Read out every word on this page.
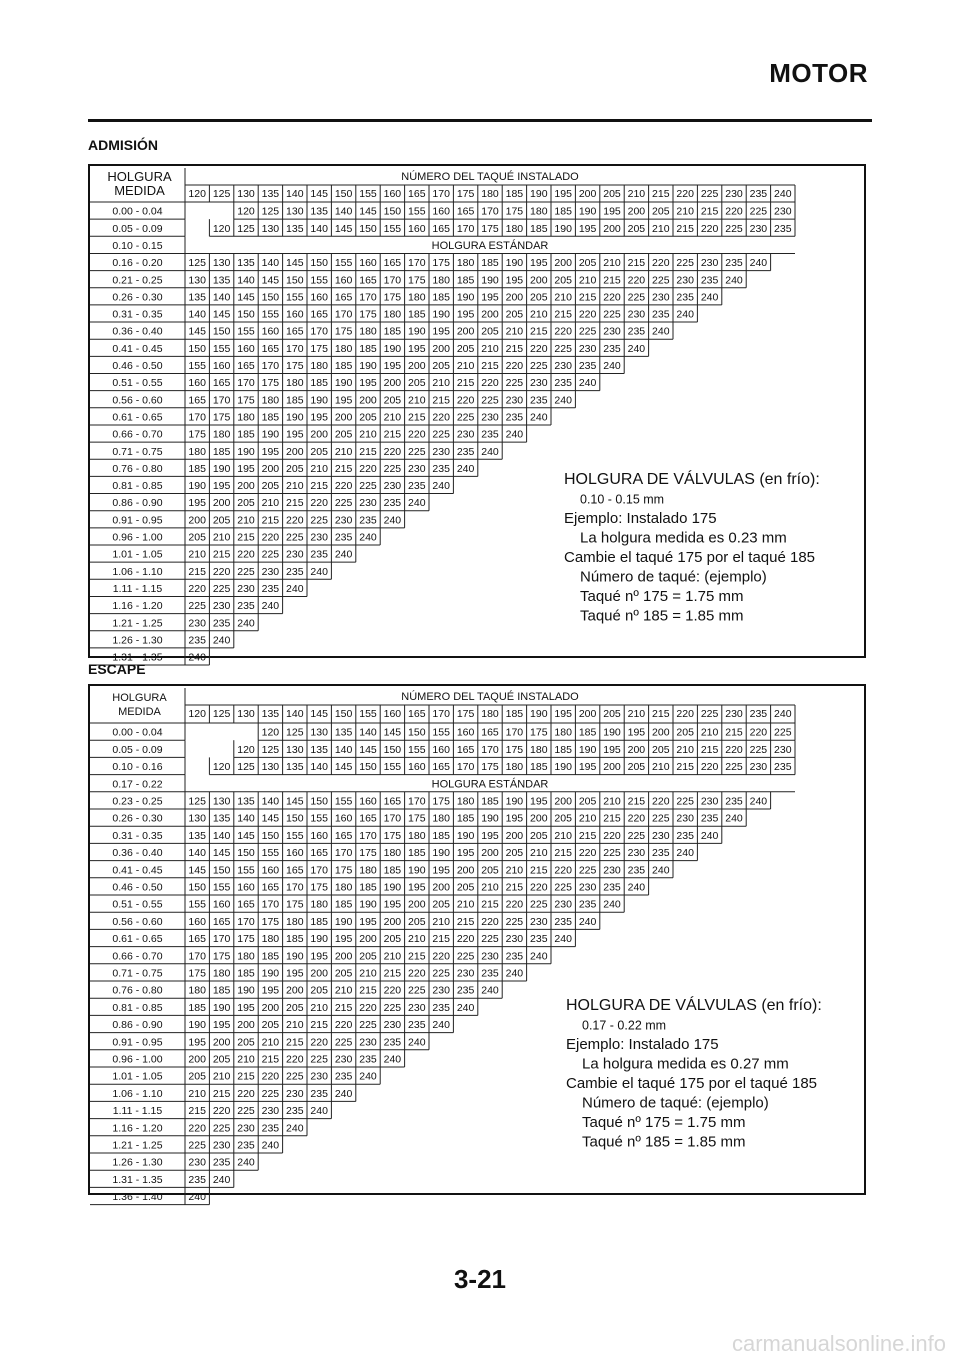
MOTOR
ADMISIÓN
HOLGURA
MEDIDA
NÚMERO DEL TAQUÉ INSTALADO
120 125 130 135 140 145 150 155 160 165 170 175 180 185 190 195 200 205 210 215 220 225 230 235 240
0.00 - 0.04	120 125 130 135 140 145 150 155 160 165 170 175 180 185 190 195 200 205 210 215 220 225 230
0.05 - 0.09	120 125 130 135 140 145 150 155 160 165 170 175 180 185 190 195 200 205 210 215 220 225 230 235
0.10 - 0.15	HOLGURA ESTÁNDAR
0.16 - 0.20 125 130 135 140 145 150 155 160 165 170 175 180 185 190 195 200 205 210 215 220 225 230 235 240
0.21 - 0.25 130 135 140 145 150 155 160 165 170 175 180 185 190 195 200 205 210 215 220 225 230 235 240
0.26 - 0.30 135 140 145 150 155 160 165 170 175 180 185 190 195 200 205 210 215 220 225 230 235 240
0.31 - 0.35 140 145 150 155 160 165 170 175 180 185 190 195 200 205 210 215 220 225 230 235 240
0.36 - 0.40 145 150 155 160 165 170 175 180 185 190 195 200 205 210 215 220 225 230 235 240
0.41 - 0.45 150 155 160 165 170 175 180 185 190 195 200 205 210 215 220 225 230 235 240
0.46 - 0.50 155 160 165 170 175 180 185 190 195 200 205 210 215 220 225 230 235 240
0.51 - 0.55 160 165 170 175 180 185 190 195 200 205 210 215 220 225 230 235 240
0.56 - 0.60 165 170 175 180 185 190 195 200 205 210 215 220 225 230 235 240
0.61 - 0.65 170 175 180 185 190 195 200 205 210 215 220 225 230 235 240
0.66 - 0.70 175 180 185 190 195 200 205 210 215 220 225 230 235 240
0.71 - 0.75 180 185 190 195 200 205 210 215 220 225 230 235 240
0.76 - 0.80 185 190 195 200 205 210 215 220 225 230 235 240
0.81 - 0.85 190 195 200 205 210 215 220 225 230 235 240
0.86 - 0.90 195 200 205 210 215 220 225 230 235 240
0.91 - 0.95 200 205 210 215 220 225 230 235 240
0.96 - 1.00 205 210 215 220 225 230 235 240
1.01 - 1.05 210 215 220 225 230 235 240
1.06 - 1.10 215 220 225 230 235 240
1.11 - 1.15 220 225 230 235 240
1.16 - 1.20 225 230 235 240
1.21 - 1.25 230 235 240
1.26 - 1.30 235 240
1.31 - 1.35 240
HOLGURA DE VÁLVULAS (en frío):
0.10 - 0.15 mm
Ejemplo: Instalado 175
La holgura medida es 0.23 mm
Cambie el taqué 175 por el taqué 185
Número de taqué: (ejemplo)
Taqué nº 175 = 1.75 mm
Taqué nº 185 = 1.85 mm
ESCAPE
HOLGURA
MEDIDA
NÚMERO DEL TAQUÉ INSTALADO
120 125 130 135 140 145 150 155 160 165 170 175 180 185 190 195 200 205 210 215 220 225 230 235 240
0.00 - 0.04	120 125 130 135 140 145 150 155 160 165 170 175 180 185 190 195 200 205 210 215 220 225
0.05 - 0.09	120 125 130 135 140 145 150 155 160 165 170 175 180 185 190 195 200 205 210 215 220 225 230
0.10 - 0.16	120 125 130 135 140 145 150 155 160 165 170 175 180 185 190 195 200 205 210 215 220 225 230 235
0.17 - 0.22	HOLGURA ESTÁNDAR
0.23 - 0.25 125 130 135 140 145 150 155 160 165 170 175 180 185 190 195 200 205 210 215 220 225 230 235 240
0.26 - 0.30 130 135 140 145 150 155 160 165 170 175 180 185 190 195 200 205 210 215 220 225 230 235 240
0.31 - 0.35 135 140 145 150 155 160 165 170 175 180 185 190 195 200 205 210 215 220 225 230 235 240
0.36 - 0.40 140 145 150 155 160 165 170 175 180 185 190 195 200 205 210 215 220 225 230 235 240
0.41 - 0.45 145 150 155 160 165 170 175 180 185 190 195 200 205 210 215 220 225 230 235 240
0.46 - 0.50 150 155 160 165 170 175 180 185 190 195 200 205 210 215 220 225 230 235 240
0.51 - 0.55 155 160 165 170 175 180 185 190 195 200 205 210 215 220 225 230 235 240
0.56 - 0.60 160 165 170 175 180 185 190 195 200 205 210 215 220 225 230 235 240
0.61 - 0.65 165 170 175 180 185 190 195 200 205 210 215 220 225 230 235 240
0.66 - 0.70 170 175 180 185 190 195 200 205 210 215 220 225 230 235 240
0.71 - 0.75 175 180 185 190 195 200 205 210 215 220 225 230 235 240
0.76 - 0.80 180 185 190 195 200 205 210 215 220 225 230 235 240
0.81 - 0.85 185 190 195 200 205 210 215 220 225 230 235 240
0.86 - 0.90 190 195 200 205 210 215 220 225 230 235 240
0.91 - 0.95 195 200 205 210 215 220 225 230 235 240
0.96 - 1.00 200 205 210 215 220 225 230 235 240
1.01 - 1.05 205 210 215 220 225 230 235 240
1.06 - 1.10 210 215 220 225 230 235 240
1.11 - 1.15 215 220 225 230 235 240
1.16 - 1.20 220 225 230 235 240
1.21 - 1.25 225 230 235 240
1.26 - 1.30 230 235 240
1.31 - 1.35 235 240
1.36 - 1.40 240
HOLGURA DE VÁLVULAS (en frío):
0.17 - 0.22 mm
Ejemplo: Instalado 175
La holgura medida es 0.27 mm
Cambie el taqué 175 por el taqué 185
Número de taqué: (ejemplo)
Taqué nº 175 = 1.75 mm
Taqué nº 185 = 1.85 mm
3-21
carmanualsonline.info
